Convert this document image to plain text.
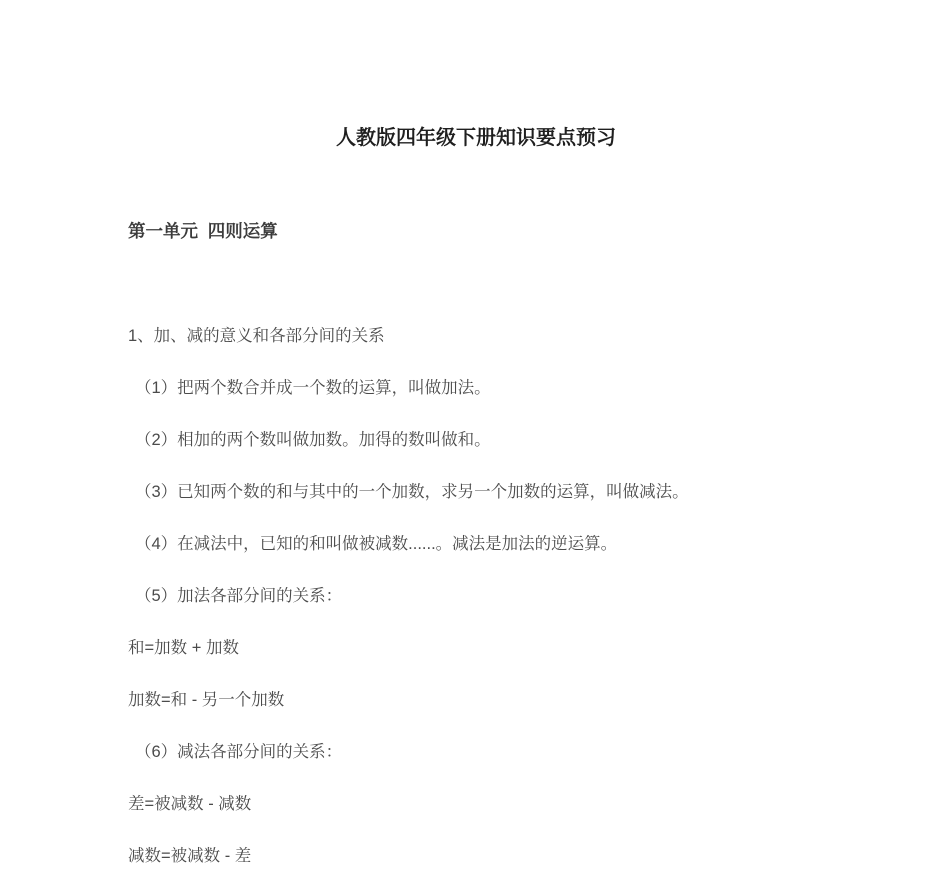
人教版四年级下册知识要点预习
第一单元  四则运算

1、加、减的意义和各部分间的关系

（1）把两个数合并成一个数的运算，叫做加法。

（2）相加的两个数叫做加数。加得的数叫做和。

（3）已知两个数的和与其中的一个加数，求另一个加数的运算，叫做减法。

（4）在减法中，已知的和叫做被减数......。减法是加法的逆运算。

（5）加法各部分间的关系：

和=加数 + 加数

加数=和 - 另一个加数

（6）减法各部分间的关系：

差=被减数 - 减数

减数=被减数 - 差
